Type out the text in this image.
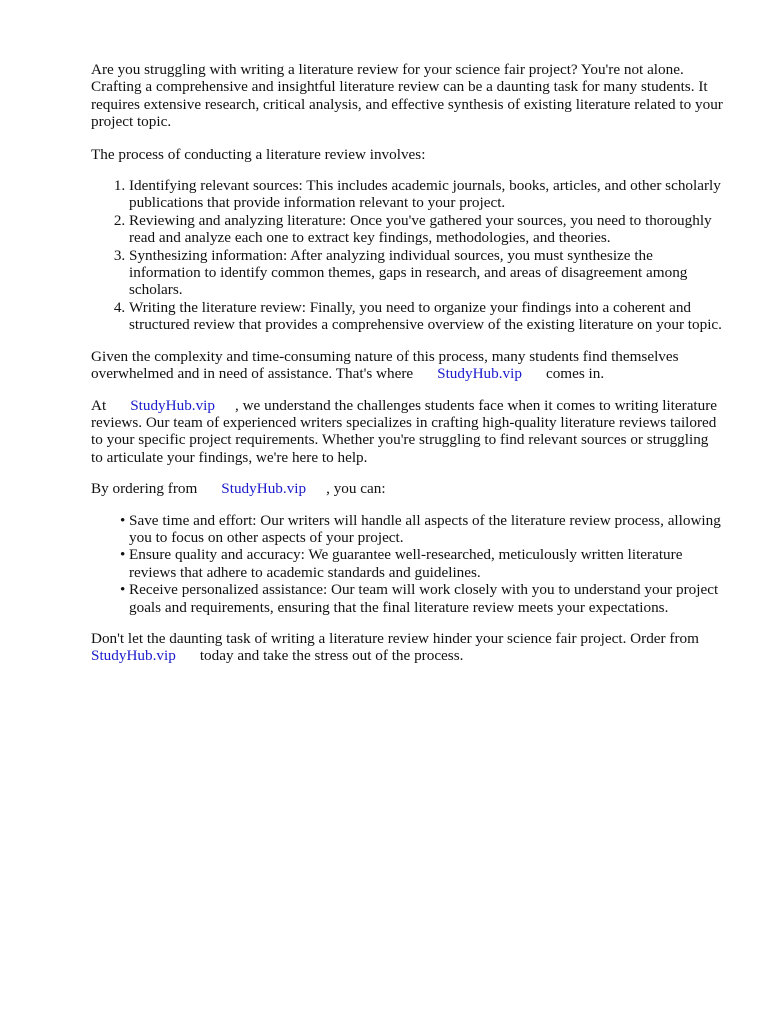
Are you struggling with writing a literature review for your science fair project? You're not alone. Crafting a comprehensive and insightful literature review can be a daunting task for many students. It requires extensive research, critical analysis, and effective synthesis of existing literature related to your project topic.

The process of conducting a literature review involves:

1. Identifying relevant sources: This includes academic journals, books, articles, and other scholarly publications that provide information relevant to your project.
2. Reviewing and analyzing literature: Once you've gathered your sources, you need to thoroughly read and analyze each one to extract key findings, methodologies, and theories.
3. Synthesizing information: After analyzing individual sources, you must synthesize the information to identify common themes, gaps in research, and areas of disagreement among scholars.
4. Writing the literature review: Finally, you need to organize your findings into a coherent and structured review that provides a comprehensive overview of the existing literature on your topic.

Given the complexity and time-consuming nature of this process, many students find themselves overwhelmed and in need of assistance. That's where StudyHub.vip comes in.

At StudyHub.vip , we understand the challenges students face when it comes to writing literature reviews. Our team of experienced writers specializes in crafting high-quality literature reviews tailored to your specific project requirements. Whether you're struggling to find relevant sources or struggling to articulate your findings, we're here to help.

By ordering from StudyHub.vip , you can:

• Save time and effort: Our writers will handle all aspects of the literature review process, allowing you to focus on other aspects of your project.
• Ensure quality and accuracy: We guarantee well-researched, meticulously written literature reviews that adhere to academic standards and guidelines.
• Receive personalized assistance: Our team will work closely with you to understand your project goals and requirements, ensuring that the final literature review meets your expectations.

Don't let the daunting task of writing a literature review hinder your science fair project. Order fromStudyHub.vip today and take the stress out of the process.
